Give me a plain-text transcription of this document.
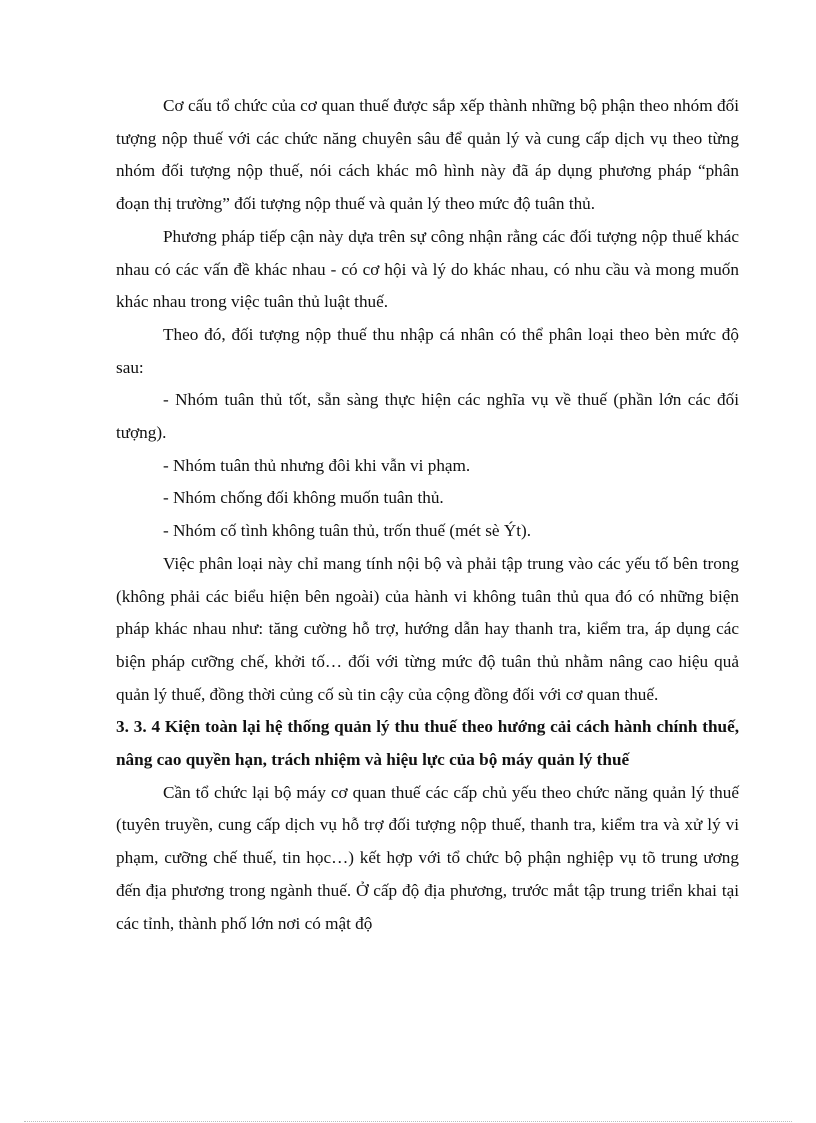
Cơ cấu tổ chức của cơ quan thuế được sắp xếp thành những bộ phận theo nhóm đối tượng nộp thuế với các chức năng chuyên sâu để quản lý và cung cấp dịch vụ theo từng nhóm đối tượng nộp thuế, nói cách khác mô hình này đã áp dụng phương pháp “phân đoạn thị trường” đối tượng nộp thuế và quản lý theo mức độ tuân thủ.

Phương pháp tiếp cận này dựa trên sự công nhận rằng các đối tượng nộp thuế khác nhau có các vấn đề khác nhau - có cơ hội và lý do khác nhau, có nhu cầu và mong muốn khác nhau trong việc tuân thủ luật thuế.

Theo đó, đối tượng nộp thuế thu nhập cá nhân có thể phân loại theo bèn mức độ sau:

- Nhóm tuân thủ tốt, sẵn sàng thực hiện các nghĩa vụ về thuế (phần lớn các đối tượng).

- Nhóm tuân thủ nhưng đôi khi vẫn vi phạm.

- Nhóm chống đối không muốn tuân thủ.

- Nhóm cố tình không tuân thủ, trốn thuế (mét sè Ýt).

Việc phân loại này chỉ mang tính nội bộ và phải tập trung vào các yếu tố bên trong (không phải các biểu hiện bên ngoài) của hành vi không tuân thủ qua đó có những biện pháp khác nhau như: tăng cường hỗ trợ, hướng dẫn hay thanh tra, kiểm tra, áp dụng các biện pháp cưỡng chế, khởi tố… đối với từng mức độ tuân thủ nhằm nâng cao hiệu quả quản lý thuế, đồng thời củng cố sù tin cậy của cộng đồng đối với cơ quan thuế.

3. 3. 4 Kiện toàn lại hệ thống quản lý thu thuế theo hướng cải cách hành chính thuế, nâng cao quyền hạn, trách nhiệm và hiệu lực của bộ máy quản lý thuế

Cần tổ chức lại bộ máy cơ quan thuế các cấp chủ yếu theo chức năng quản lý thuế (tuyên truyền, cung cấp dịch vụ hỗ trợ đối tượng nộp thuế, thanh tra, kiểm tra và xử lý vi phạm, cưỡng chế thuế, tin học…) kết hợp với tổ chức bộ phận nghiệp vụ tõ trung ương đến địa phương trong ngành thuế. Ở cấp độ địa phương, trước mắt tập trung triển khai tại các tỉnh, thành phố lớn nơi có mật độ
